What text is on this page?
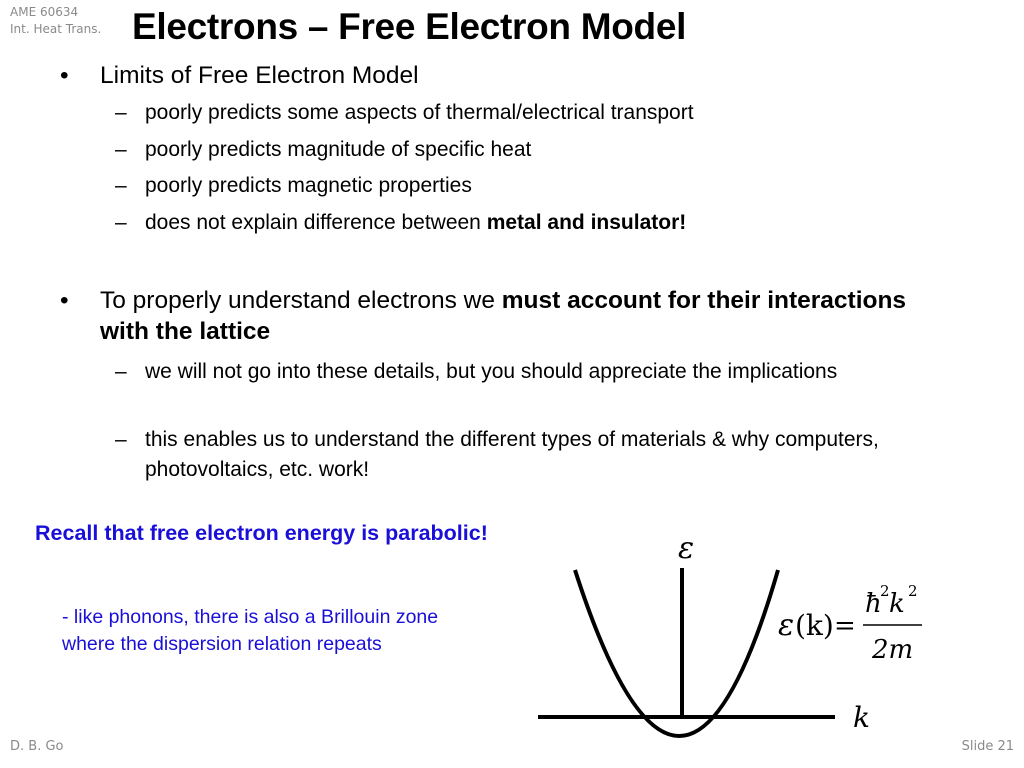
AME 60634
Int. Heat Trans. Electrons – Free Electron Model
• Limits of Free Electron Model
– poorly predicts some aspects of thermal/electrical transport
– poorly predicts magnitude of specific heat
– poorly predicts magnetic properties
– does not explain difference between metal and insulator!
• To properly understand electrons we must account for their interactions with the lattice
– we will not go into these details, but you should appreciate the implications
– this enables us to understand the different types of materials & why computers, photovoltaics, etc. work!
Recall that free electron energy is parabolic!
- like phonons, there is also a Brillouin zone where the dispersion relation repeats
ε
k
ε (k) =
ħ
2 k 2
2m
D. B. Go	Slide 21
